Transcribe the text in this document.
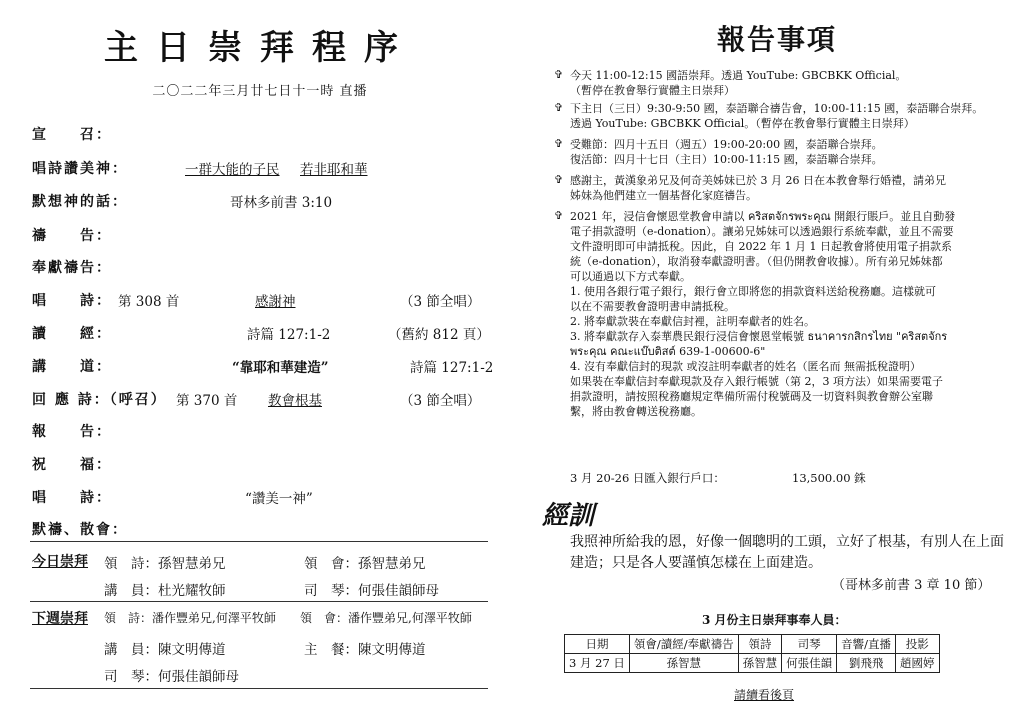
主日崇拜程序
二〇二二年三月廿七日十一時 直播
宣　　召：
唱詩讚美神：	一群大能的子民 若非耶和華
默想神的話：	哥林多前書 3:10
禱　　告：
奉獻禱告：
唱　　詩： 第 308 首	感謝神	（3 節全唱）
讀　　經：	詩篇 127:1-2	（舊約 812 頁）
講　　道：	“靠耶和華建造”	詩篇 127:1-2
回 應 詩：（呼召） 第 370 首 教會根基	（3 節全唱）
報　　告：
祝　　福：
唱　　詩：	“讚美一神”
默禱、散會：
今日崇拜 領　詩：孫智慧弟兄	領　會：孫智慧弟兄
講　員：杜光耀牧師	司　琴：何張佳韻師母
下週崇拜 領　詩：潘作豐弟兄,何澤平牧師 領　會：潘作豐弟兄,何澤平牧師
講　員：陳文明傳道	主　餐：陳文明傳道
司　琴：何張佳韻師母
報告事項
✞ 今天 11:00-12:15 國語崇拜。透過 YouTube: GBCBKK Official。
（暫停在教會舉行實體主日崇拜）
✞ 下主日（三日）9:30-9:50 國，泰語聯合禱告會，10:00-11:15 國，泰語聯合崇拜。
透過 YouTube: GBCBKK Official。（暫停在教會舉行實體主日崇拜）
✞ 受難節：四月十五日（週五）19:00-20:00 國，泰語聯合崇拜。
復活節：四月十七日（主日）10:00-11:15 國，泰語聯合崇拜。
✞ 感謝主，黃漢象弟兄及何奇美姊妹已於 3 月 26 日在本教會舉行婚禮，請弟兄
姊妹為他們建立一個基督化家庭禱告。
✞ 2021 年，浸信會懷恩堂教會申請以 คริสตจักรพระคุณ 開銀行賬戶。並且自動發
電子捐款證明（e-donation）。讓弟兄姊妹可以透過銀行系統奉獻，並且不需要
文件證明即可申請抵稅。因此，自 2022 年 1 月 1 日起教會將使用電子捐款系
統（e-donation），取消發奉獻證明書。（但仍開教會收據）。所有弟兄姊妹都
可以通過以下方式奉獻。
1. 使用各銀行電子銀行，銀行會立即將您的捐款資料送給稅務廳。這樣就可
以在不需要教會證明書申請抵稅。
2. 將奉獻款裝在奉獻信封裡，註明奉獻者的姓名。
3. 將奉獻款存入泰華農民銀行浸信會懷恩堂帳號 ธนาคารกสิกรไทย "คริสตจักร
พระคุณ คณะแบ๊บติสต์ 639-1-00600-6"
4. 沒有奉獻信封的現款 或沒註明奉獻者的姓名（匿名而 無需抵稅證明）
如果裝在奉獻信封奉獻現款及存入銀行帳號（第 2，3 項方法）如果需要電子
捐款證明，請按照稅務廳規定準備所需付稅號碼及一切資料與教會辦公室聯
繫，將由教會轉送稅務廳。
3 月 20-26 日匯入銀行戶口：	13,500.00 銖
經訓
我照神所給我的恩，好像一個聰明的工頭，立好了根基，有別人在上面建造；只是各人要謹慎怎樣在上面建造。
（哥林多前書 3 章 10 節）
3 月份主日崇拜事奉人員：
日期	領會/讀經/奉獻禱告	領詩	司琴	音響/直播	投影
3 月 27 日	孫智慧	孫智慧	何張佳韻	劉飛飛	趙國婷
請續看後頁
